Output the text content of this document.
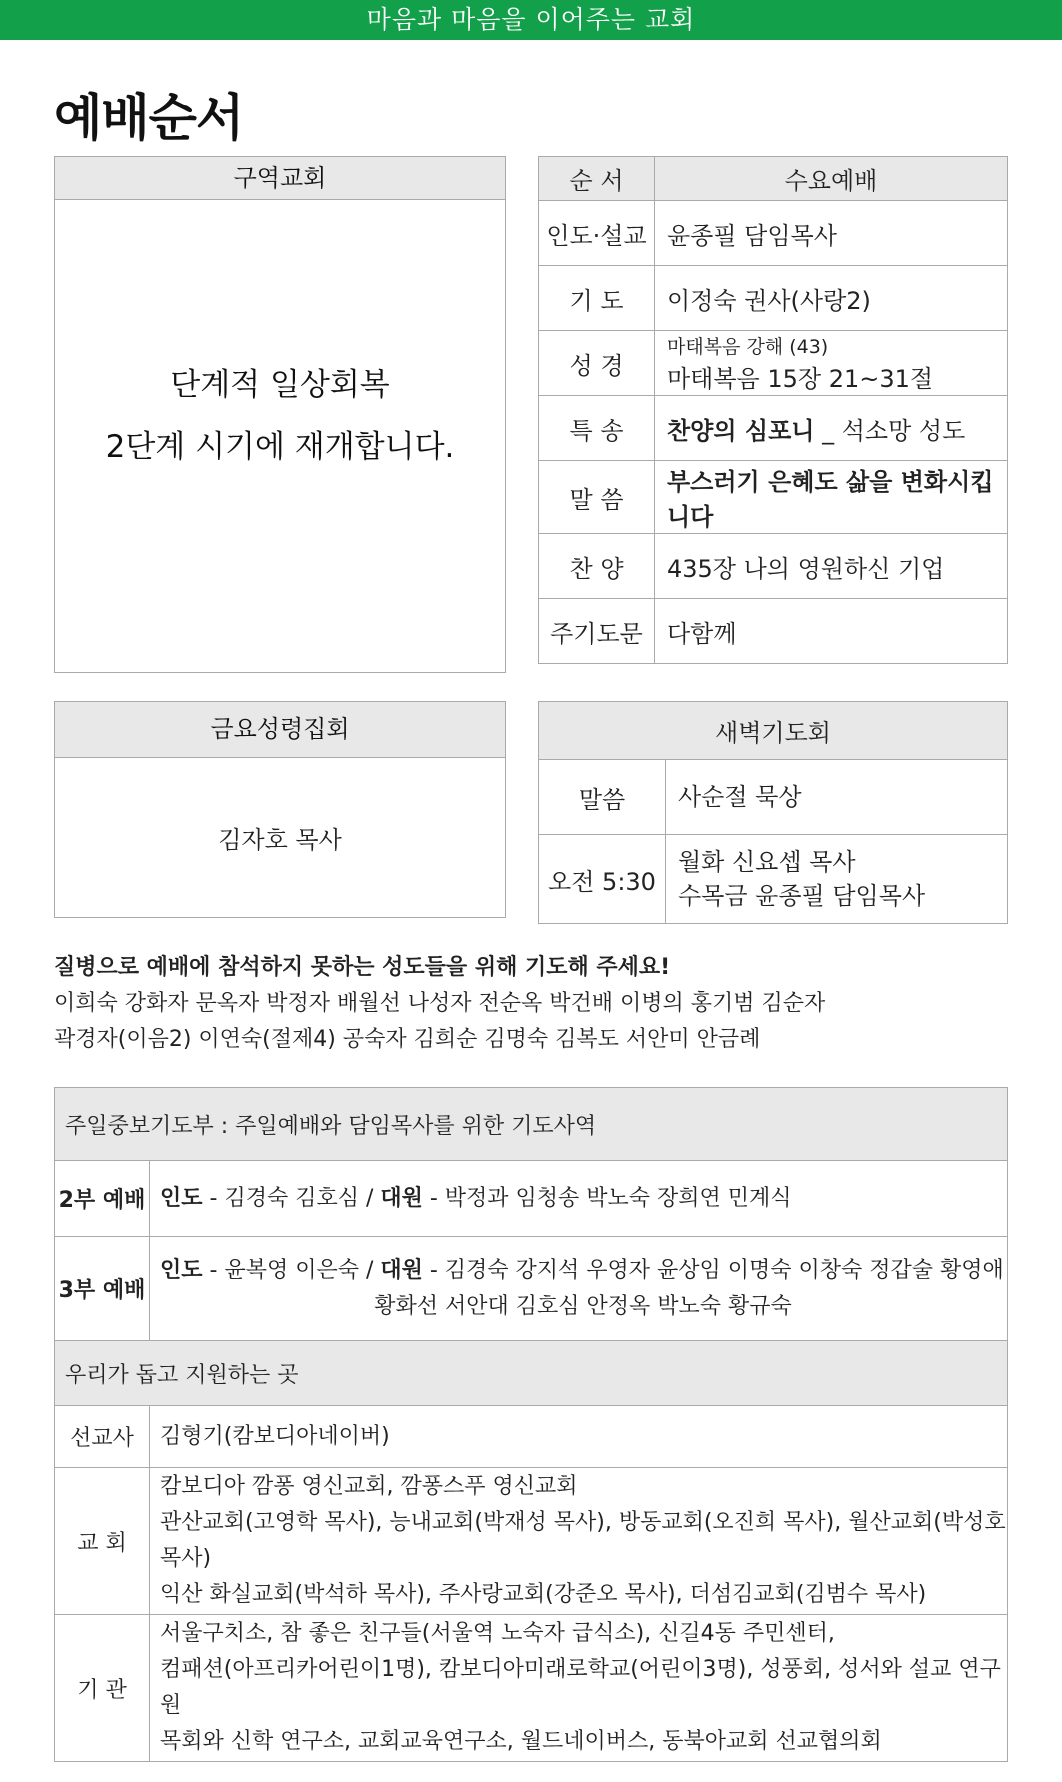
마음과 마음을 이어주는 교회
예배순서
구역교회
단계적 일상회복
2단계 시기에 재개합니다.
순 서	수요예배
인도·설교	윤종필 담임목사
기 도	이정숙 권사(사랑2)
성 경	마태복음 강해 (43)
마태복음 15장 21~31절

특 송	찬양의 심포니 _ 석소망 성도
말 씀	부스러기 은혜도 삶을 변화시킵니다
찬 양	435장 나의 영원하신 기업
주기도문	다함께
금요성령집회
김자호 목사
새벽기도회	
말씀	사순절 묵상
오전 5:30	월화 신요셉 목사
수목금 윤종필 담임목사
질병으로 예배에 참석하지 못하는 성도들을 위해 기도해 주세요!
이희숙 강화자 문옥자 박정자 배월선 나성자 전순옥 박건배 이병의 홍기범 김순자
곽경자(이음2) 이연숙(절제4) 공숙자 김희순 김명숙 김복도 서안미 안금례
주일중보기도부 : 주일예배와 담임목사를 위한 기도사역	
2부 예배	인도 - 김경숙 김호심 / 대원 - 박정과 임청송 박노숙 장희연 민계식
3부 예배	인도 - 윤복영 이은숙 / 대원 - 김경숙 강지석 우영자 윤상임 이명숙 이창숙 정갑술 황영애
황화선 서안대 김호심 안정옥 박노숙 황규숙

우리가 돕고 지원하는 곳	
선교사	김형기(캄보디아네이버)
교 회	캄보디아 깜퐁 영신교회, 깜퐁스푸 영신교회
관산교회(고영학 목사), 능내교회(박재성 목사), 방동교회(오진희 목사), 월산교회(박성호 목사)
익산 화실교회(박석하 목사), 주사랑교회(강준오 목사), 더섬김교회(김범수 목사)

기 관	서울구치소, 참 좋은 친구들(서울역 노숙자 급식소), 신길4동 주민센터,
컴패션(아프리카어린이1명), 캄보디아미래로학교(어린이3명), 성풍회, 성서와 설교 연구원
목회와 신학 연구소, 교회교육연구소, 월드네이버스, 동북아교회 선교협의회
